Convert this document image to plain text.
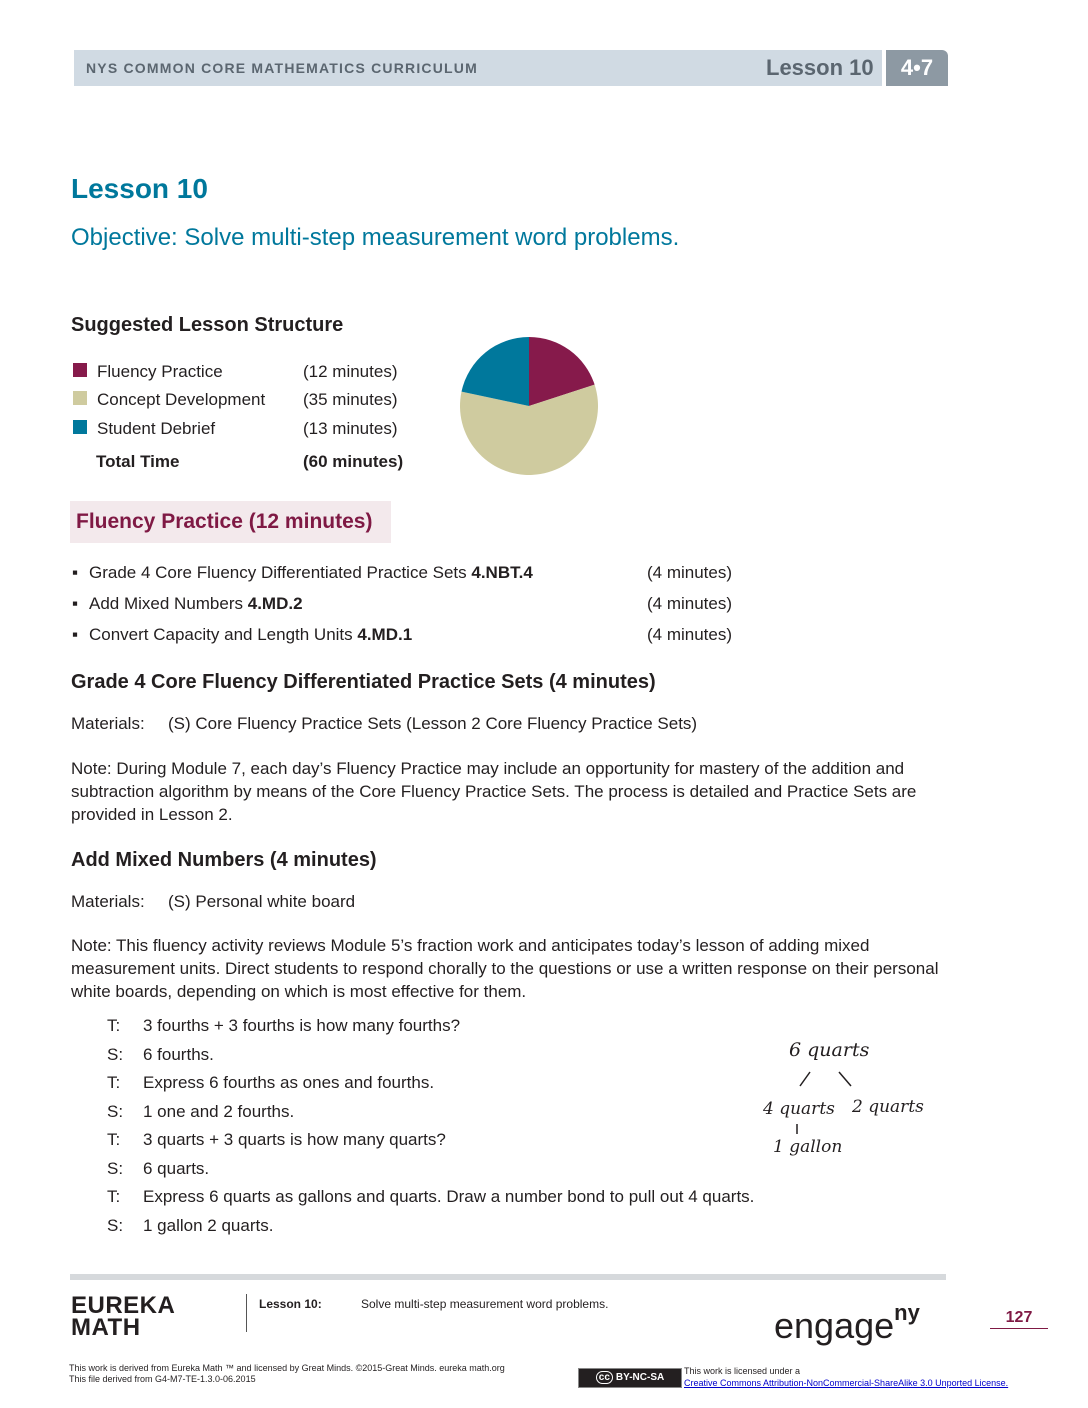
NYS COMMON CORE MATHEMATICS CURRICULUM	Lesson 10	4•7
Lesson 10
Objective: Solve multi-step measurement word problems.
Suggested Lesson Structure
Fluency Practice	(12 minutes)
Concept Development (35 minutes)
Student Debrief	(13 minutes)
Total Time	(60 minutes)
Fluency Practice (12 minutes)
▪ Grade 4 Core Fluency Differentiated Practice Sets 4.NBT.4	(4 minutes)
▪ Add Mixed Numbers 4.MD.2	(4 minutes)
▪ Convert Capacity and Length Units 4.MD.1	(4 minutes)
Grade 4 Core Fluency Differentiated Practice Sets (4 minutes)
Materials: (S) Core Fluency Practice Sets (Lesson 2 Core Fluency Practice Sets)
Note: During Module 7, each day’s Fluency Practice may include an opportunity for mastery of the addition and subtraction algorithm by means of the Core Fluency Practice Sets. The process is detailed and Practice Sets are provided in Lesson 2.
Add Mixed Numbers (4 minutes)
Materials: (S) Personal white board
Note: This fluency activity reviews Module 5’s fraction work and anticipates today’s lesson of adding mixed measurement units. Direct students to respond chorally to the questions or use a written response on their personal white boards, depending on which is most effective for them.
T: 3 fourths + 3 fourths is how many fourths?
S: 6 fourths.
T: Express 6 fourths as ones and fourths.
S: 1 one and 2 fourths.
T: 3 quarts + 3 quarts is how many quarts?
S: 6 quarts.
T: Express 6 quarts as gallons and quarts. Draw a number bond to pull out 4 quarts.
S: 1 gallon 2 quarts.
6 quarts
4 quarts 2 quarts
1 gallon
EUREKA
MATH
Lesson 10:	Solve multi-step measurement word problems.
engage$^{ny}$	127
This work is derived from Eureka Math ™ and licensed by Great Minds. ©2015-Great Minds. eureka math.org
This file derived from G4-M7-TE-1.3.0-06.2015	cc BY-NC-SA
This work is licensed under a
Creative Commons Attribution-NonCommercial-ShareAlike 3.0 Unported License.
